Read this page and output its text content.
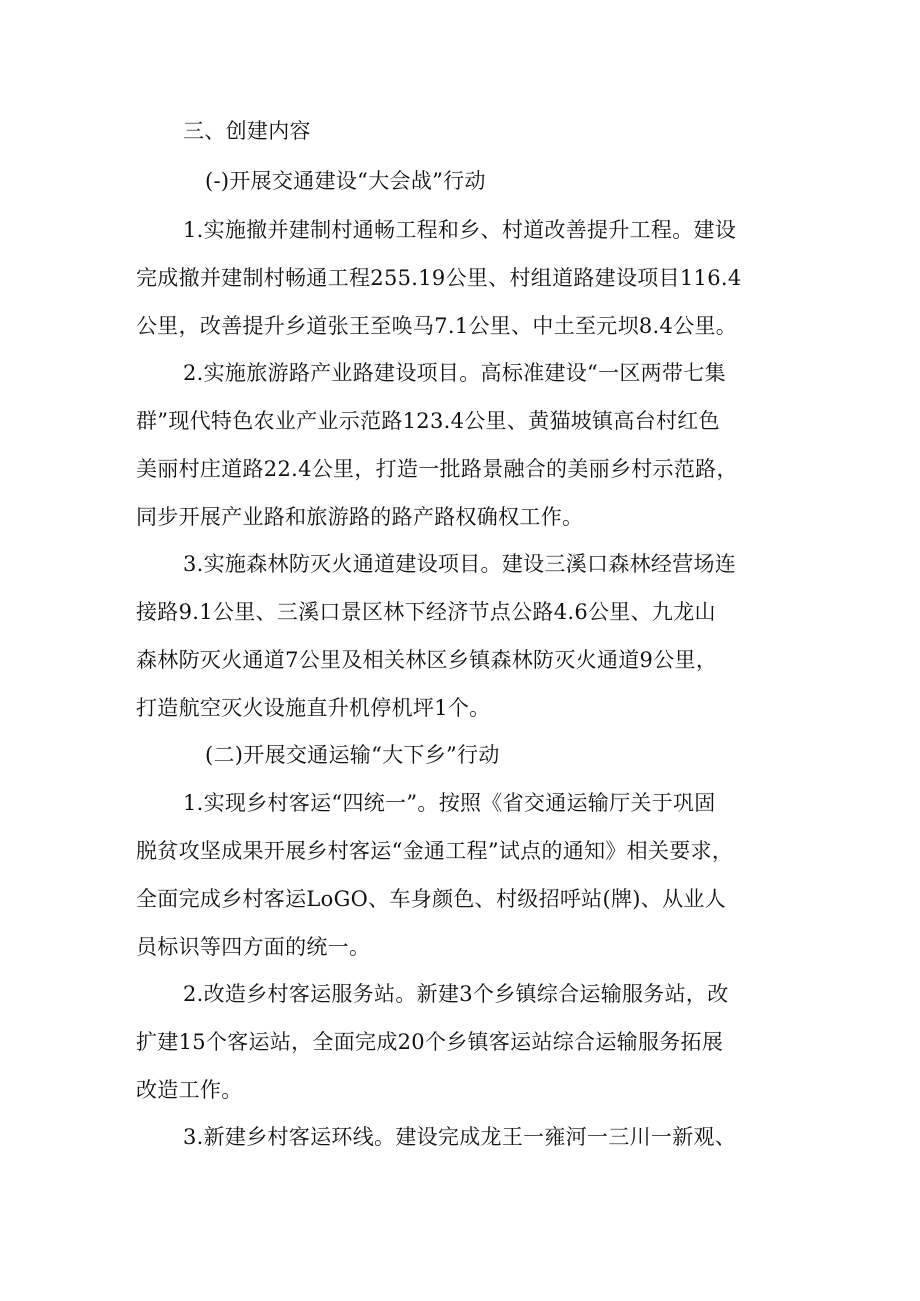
三、创建内容
(-)开展交通建设“大会战”行动
1.实施撤并建制村通畅工程和乡、村道改善提升工程。建设
完成撤并建制村畅通工程255.19公里、村组道路建设项目116.4
公里，改善提升乡道张王至唤马7.1公里、中土至元坝8.4公里。
2.实施旅游路产业路建设项目。高标准建设“一区两带七集
群”现代特色农业产业示范路123.4公里、黄猫坡镇高台村红色
美丽村庄道路22.4公里，打造一批路景融合的美丽乡村示范路，
同步开展产业路和旅游路的路产路权确权工作。
3.实施森林防灭火通道建设项目。建设三溪口森林经营场连
接路9.1公里、三溪口景区林下经济节点公路4.6公里、九龙山
森林防灭火通道7公里及相关林区乡镇森林防灭火通道9公里，
打造航空灭火设施直升机停机坪1个。
(二)开展交通运输“大下乡”行动
1.实现乡村客运“四统一”。按照《省交通运输厅关于巩固
脱贫攻坚成果开展乡村客运“金通工程”试点的通知》相关要求，
全面完成乡村客运LoGO、车身颜色、村级招呼站(牌)、从业人
员标识等四方面的统一。
2.改造乡村客运服务站。新建3个乡镇综合运输服务站，改
扩建15个客运站，全面完成20个乡镇客运站综合运输服务拓展
改造工作。
3.新建乡村客运环线。建设完成龙王一雍河一三川一新观、
